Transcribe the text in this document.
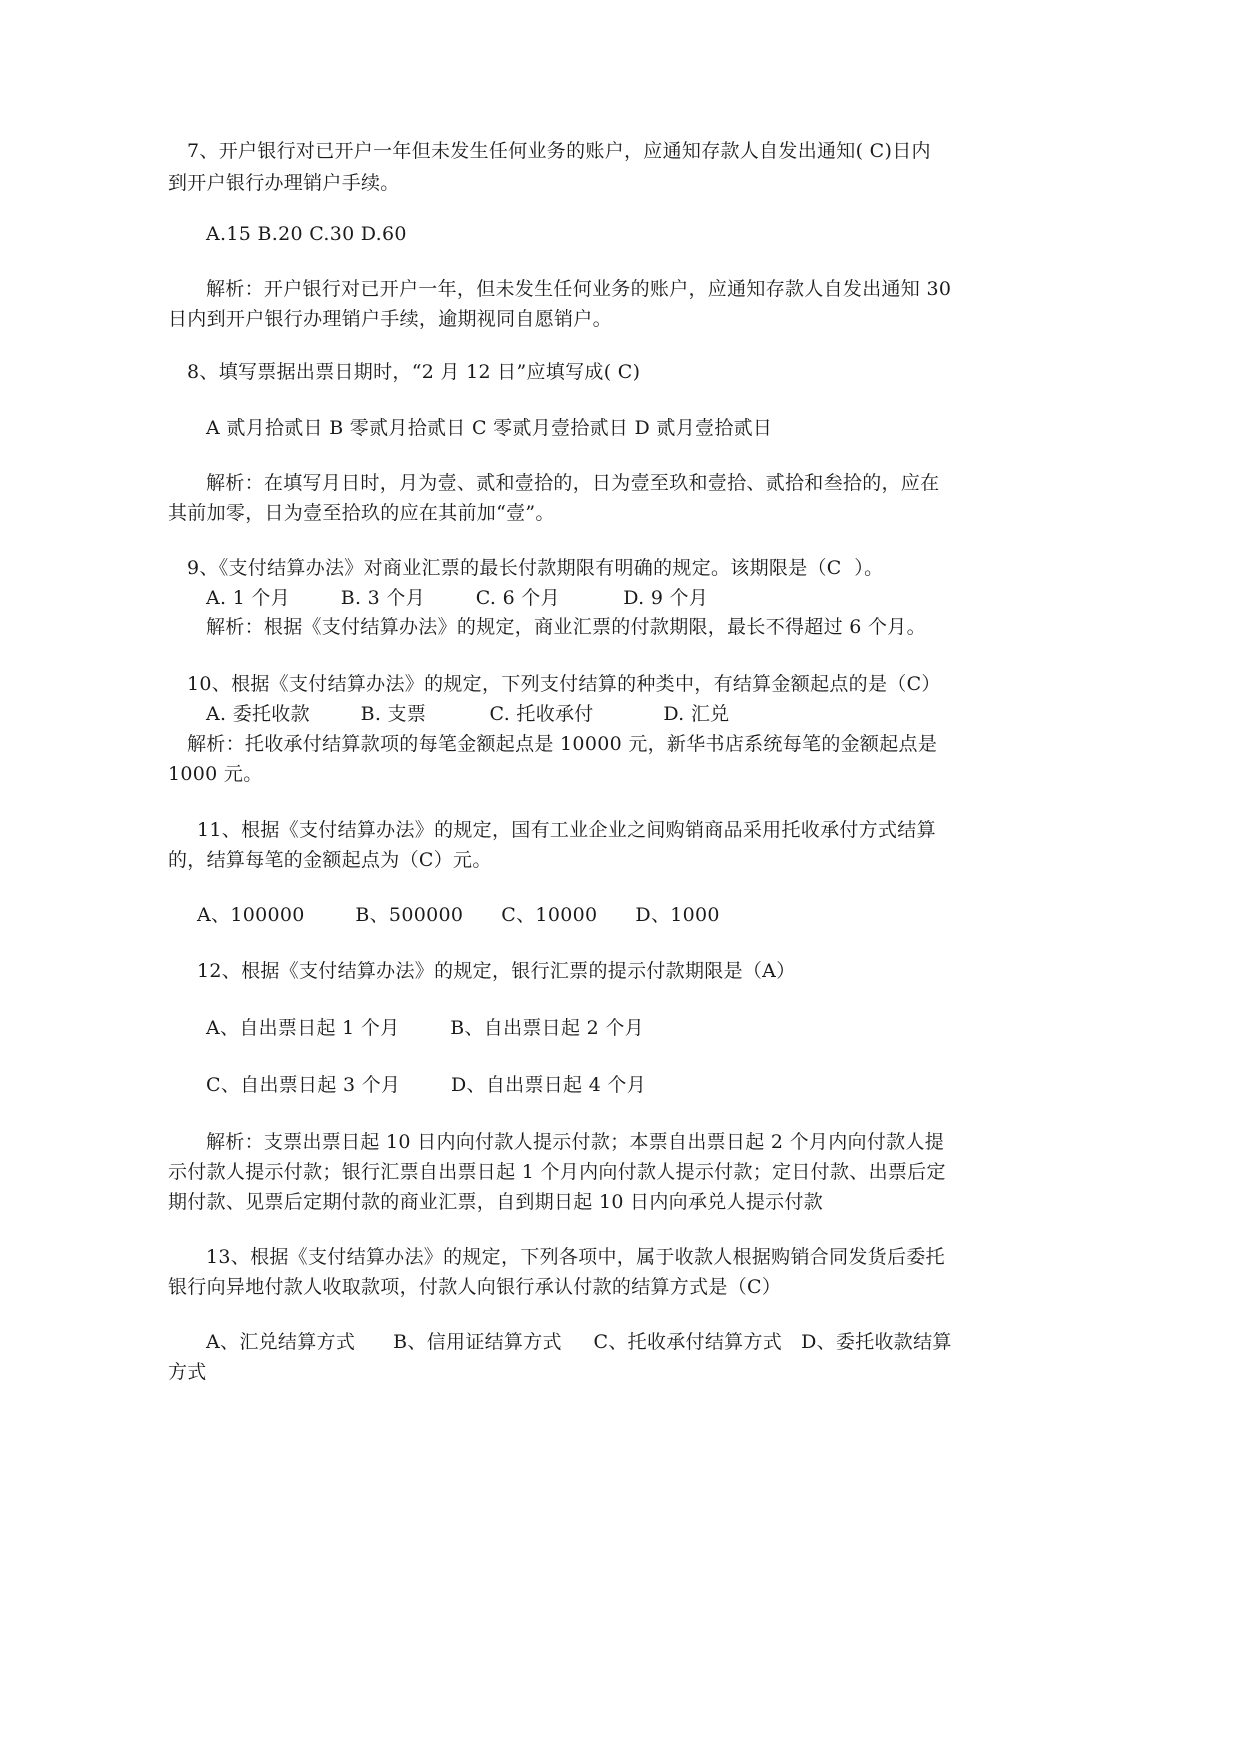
7、开户银行对已开户一年但未发生任何业务的账户，应通知存款人自发出通知( C)日内
到开户银行办理销户手续。
A.15 B.20 C.30 D.60
解析：开户银行对已开户一年，但未发生任何业务的账户，应通知存款人自发出通知 30
日内到开户银行办理销户手续，逾期视同自愿销户。
8、填写票据出票日期时，“2 月 12 日”应填写成( C)
A 贰月拾贰日 B 零贰月拾贰日 C 零贰月壹拾贰日 D 贰月壹拾贰日
解析：在填写月日时，月为壹、贰和壹拾的，日为壹至玖和壹拾、贰拾和叁拾的，应在
其前加零，日为壹至拾玖的应在其前加“壹”。
9、《支付结算办法》对商业汇票的最长付款期限有明确的规定。该期限是（C  ）。
A. 1 个月        B. 3 个月        C. 6 个月          D. 9 个月
解析：根据《支付结算办法》的规定，商业汇票的付款期限，最长不得超过 6 个月。
10、根据《支付结算办法》的规定，下列支付结算的种类中，有结算金额起点的是（C）
A. 委托收款        B. 支票          C. 托收承付           D. 汇兑
解析：托收承付结算款项的每笔金额起点是 10000 元，新华书店系统每笔的金额起点是
1000 元。
11、根据《支付结算办法》的规定，国有工业企业之间购销商品采用托收承付方式结算
的，结算每笔的金额起点为（C）元。
A、100000        B、500000      C、10000      D、1000
12、根据《支付结算办法》的规定，银行汇票的提示付款期限是（A）
A、自出票日起 1 个月        B、自出票日起 2 个月
C、自出票日起 3 个月        D、自出票日起 4 个月
解析：支票出票日起 10 日内向付款人提示付款；本票自出票日起 2 个月内向付款人提
示付款人提示付款；银行汇票自出票日起 1 个月内向付款人提示付款；定日付款、出票后定
期付款、见票后定期付款的商业汇票，自到期日起 10 日内向承兑人提示付款
13、根据《支付结算办法》的规定，下列各项中，属于收款人根据购销合同发货后委托
银行向异地付款人收取款项，付款人向银行承认付款的结算方式是（C）
A、汇兑结算方式      B、信用证结算方式     C、托收承付结算方式   D、委托收款结算
方式
